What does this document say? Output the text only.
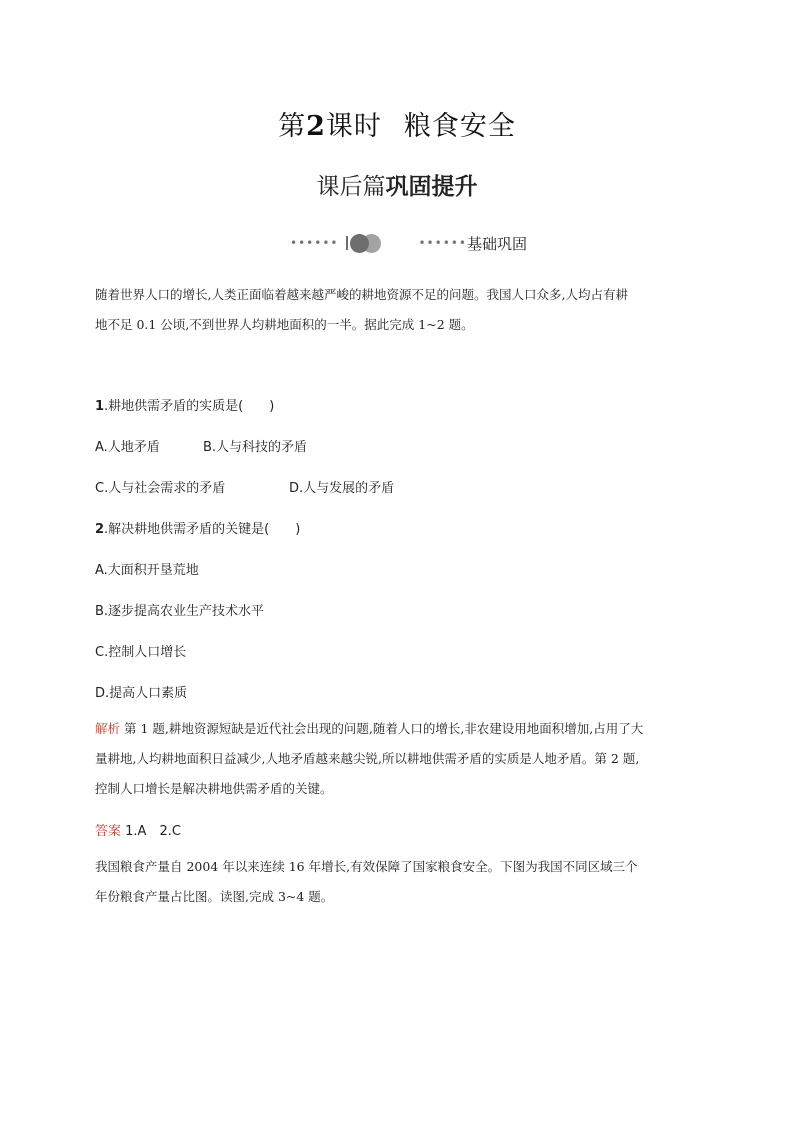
第2课时 粮食安全
课后篇巩固提升
••••••	•••••• 基础巩固
随着世界人口的增长,人类正面临着越来越严峻的耕地资源不足的问题。我国人口众多,人均占有耕
地不足 0.1 公顷,不到世界人均耕地面积的一半。据此完成 1~2 题。
1.耕地供需矛盾的实质是(　　)
A.人地矛盾	B.人与科技的矛盾
C.人与社会需求的矛盾	D.人与发展的矛盾
2.解决耕地供需矛盾的关键是(　　)
A.大面积开垦荒地
B.逐步提高农业生产技术水平
C.控制人口增长
D.提高人口素质
解析 第 1 题,耕地资源短缺是近代社会出现的问题,随着人口的增长,非农建设用地面积增加,占用了大
量耕地,人均耕地面积日益减少,人地矛盾越来越尖锐,所以耕地供需矛盾的实质是人地矛盾。第 2 题,
控制人口增长是解决耕地供需矛盾的关键。
答案 1.A　2.C
我国粮食产量自 2004 年以来连续 16 年增长,有效保障了国家粮食安全。下图为我国不同区域三个
年份粮食产量占比图。读图,完成 3~4 题。
